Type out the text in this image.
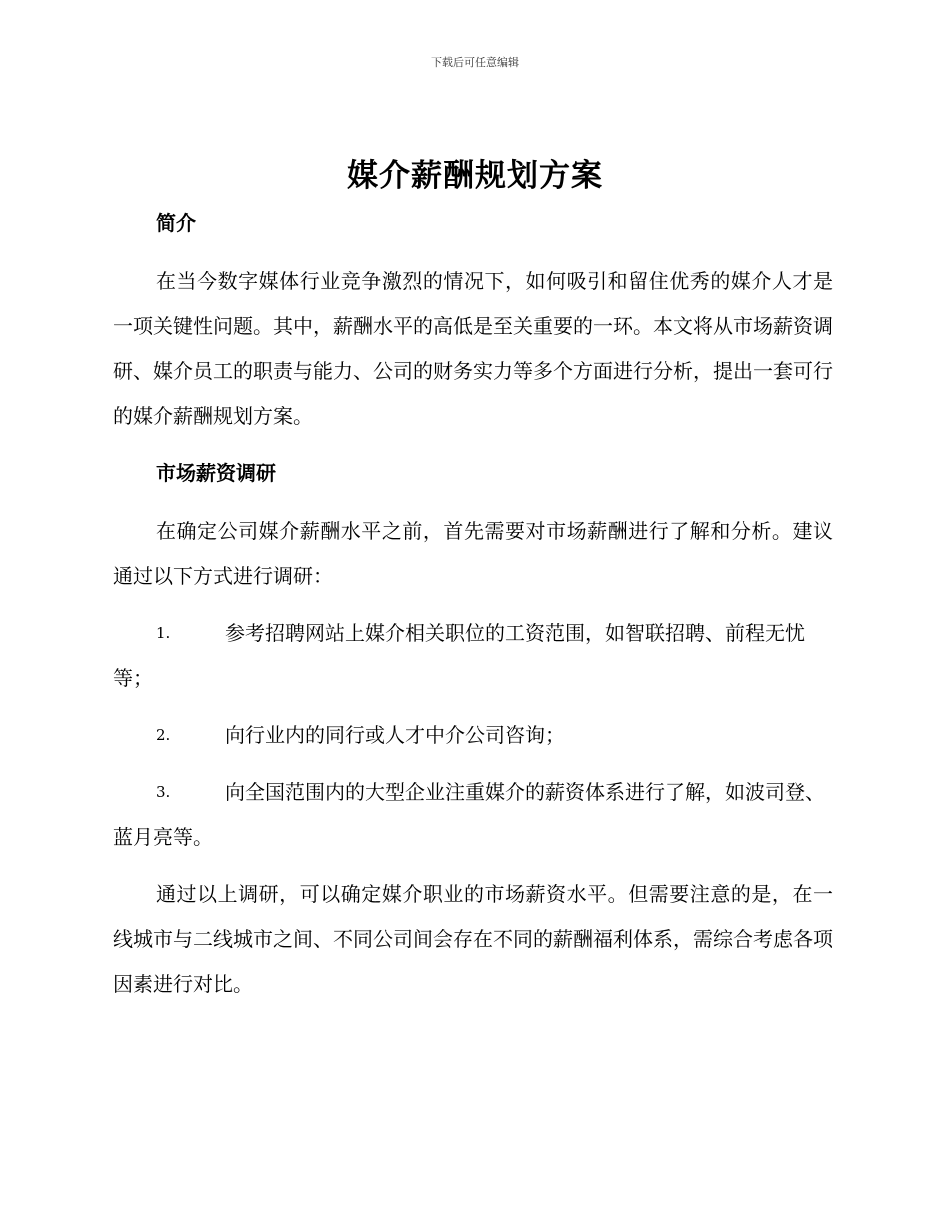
下载后可任意编辑
媒介薪酬规划方案
简介

在当今数字媒体行业竞争激烈的情况下，如何吸引和留住优秀的媒介人才是一项关键性问题。其中，薪酬水平的高低是至关重要的一环。本文将从市场薪资调研、媒介员工的职责与能力、公司的财务实力等多个方面进行分析，提出一套可行的媒介薪酬规划方案。

市场薪资调研

在确定公司媒介薪酬水平之前，首先需要对市场薪酬进行了解和分析。建议通过以下方式进行调研：

1.	参考招聘网站上媒介相关职位的工资范围，如智联招聘、前程无忧等；
2.	向行业内的同行或人才中介公司咨询；
3.	向全国范围内的大型企业注重媒介的薪资体系进行了解，如波司登、蓝月亮等。

通过以上调研，可以确定媒介职业的市场薪资水平。但需要注意的是，在一线城市与二线城市之间、不同公司间会存在不同的薪酬福利体系，需综合考虑各项因素进行对比。
